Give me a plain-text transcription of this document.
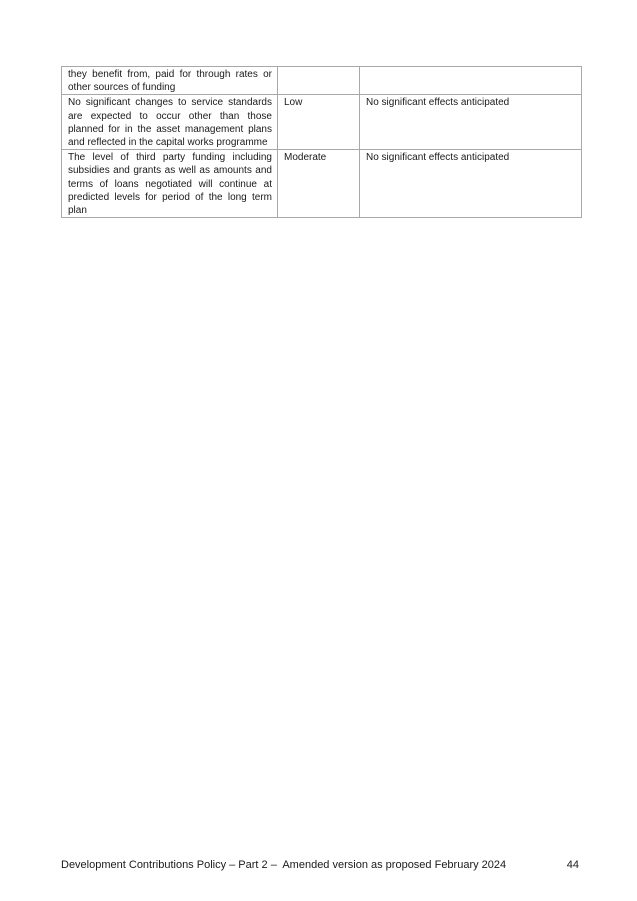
they benefit from, paid for through rates or other sources of funding		
No significant changes to service standards are expected to occur other than those planned for in the asset management plans and reflected in the capital works programme	Low	No significant effects anticipated
The level of third party funding including subsidies and grants as well as amounts and terms of loans negotiated will continue at predicted levels for period of the long term plan	Moderate	No significant effects anticipated
Development Contributions Policy – Part 2 –  Amended version as proposed February 2024	44
